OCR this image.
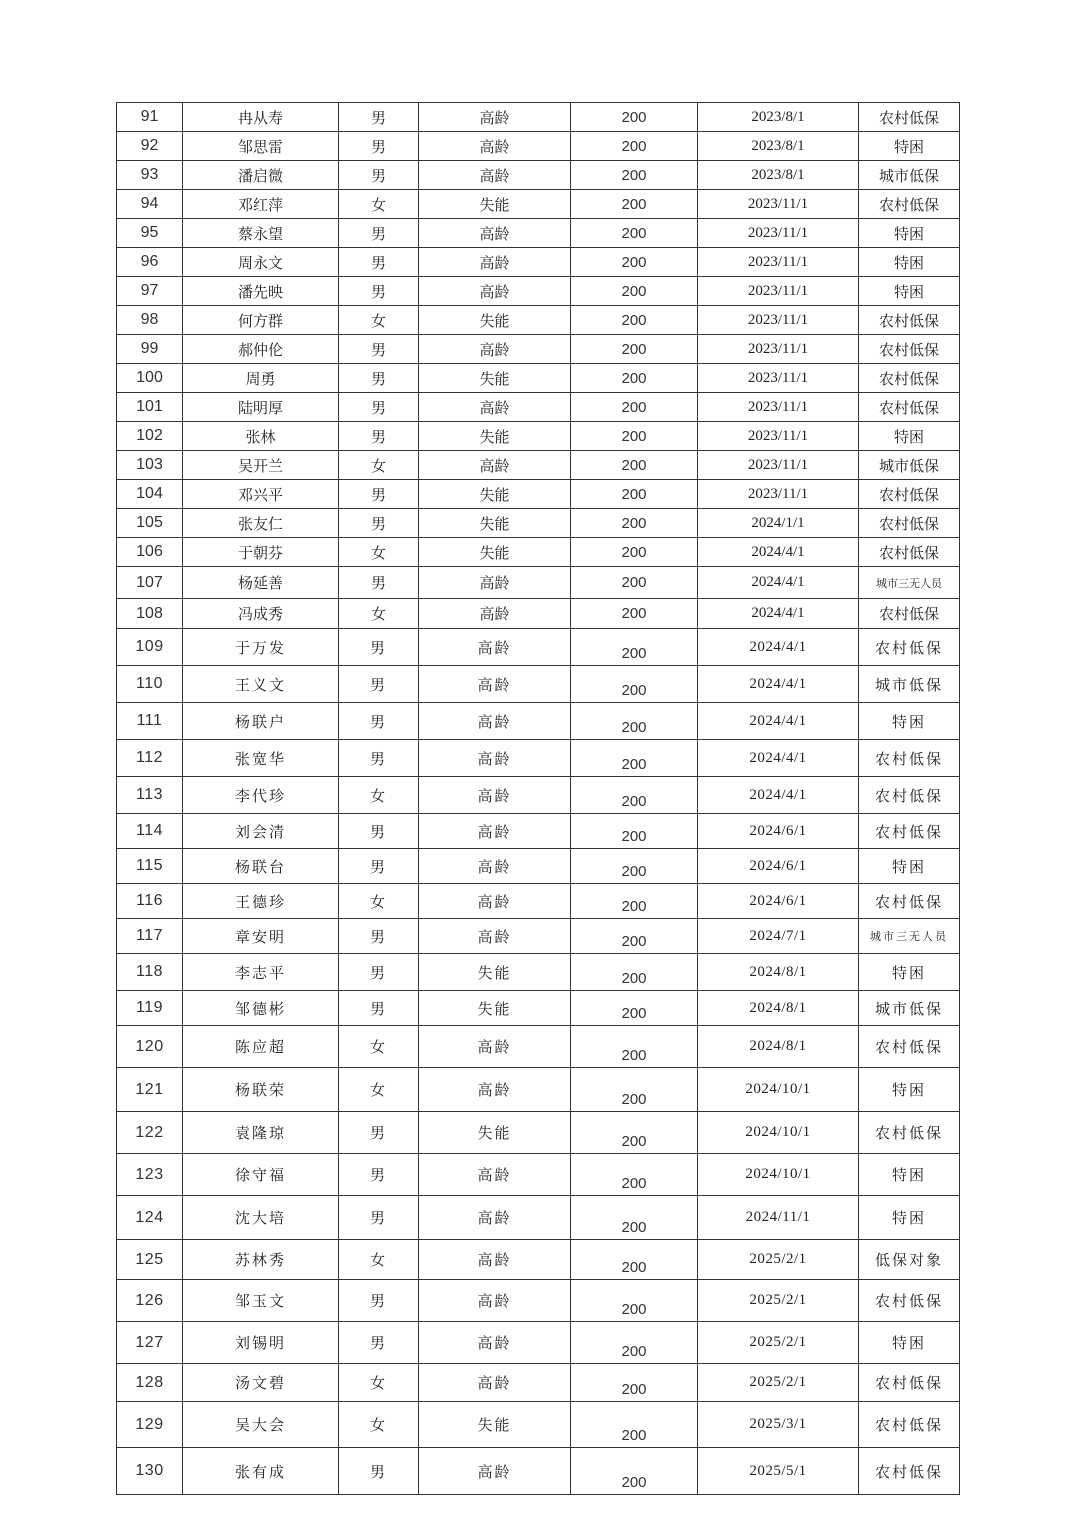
91	冉从寿	男	高龄	200	2023/8/1	农村低保
92	邹思雷	男	高龄	200	2023/8/1	特困
93	潘启微	男	高龄	200	2023/8/1	城市低保
94	邓红萍	女	失能	200	2023/11/1	农村低保
95	蔡永望	男	高龄	200	2023/11/1	特困
96	周永文	男	高龄	200	2023/11/1	特困
97	潘先映	男	高龄	200	2023/11/1	特困
98	何方群	女	失能	200	2023/11/1	农村低保
99	郝仲伦	男	高龄	200	2023/11/1	农村低保
100	周勇	男	失能	200	2023/11/1	农村低保
101	陆明厚	男	高龄	200	2023/11/1	农村低保
102	张林	男	失能	200	2023/11/1	特困
103	吴开兰	女	高龄	200	2023/11/1	城市低保
104	邓兴平	男	失能	200	2023/11/1	农村低保
105	张友仁	男	失能	200	2024/1/1	农村低保
106	于朝芬	女	失能	200	2024/4/1	农村低保
107	杨延善	男	高龄	200	2024/4/1	城市三无人员
108	冯成秀	女	高龄	200	2024/4/1	农村低保
109	于万发	男	高龄	200	2024/4/1	农村低保
110	王义文	男	高龄	200	2024/4/1	城市低保
111	杨联户	男	高龄	200	2024/4/1	特困
112	张宽华	男	高龄	200	2024/4/1	农村低保
113	李代珍	女	高龄	200	2024/4/1	农村低保
114	刘会清	男	高龄	200	2024/6/1	农村低保
115	杨联台	男	高龄	200	2024/6/1	特困
116	王德珍	女	高龄	200	2024/6/1	农村低保
117	章安明	男	高龄	200	2024/7/1	城市三无人员
118	李志平	男	失能	200	2024/8/1	特困
119	邹德彬	男	失能	200	2024/8/1	城市低保
120	陈应超	女	高龄	200	2024/8/1	农村低保
121	杨联荣	女	高龄	200	2024/10/1	特困
122	袁隆琼	男	失能	200	2024/10/1	农村低保
123	徐守福	男	高龄	200	2024/10/1	特困
124	沈大培	男	高龄	200	2024/11/1	特困
125	苏林秀	女	高龄	200	2025/2/1	低保对象
126	邹玉文	男	高龄	200	2025/2/1	农村低保
127	刘锡明	男	高龄	200	2025/2/1	特困
128	汤文碧	女	高龄	200	2025/2/1	农村低保
129	吴大会	女	失能	200	2025/3/1	农村低保
130	张有成	男	高龄	200	2025/5/1	农村低保
